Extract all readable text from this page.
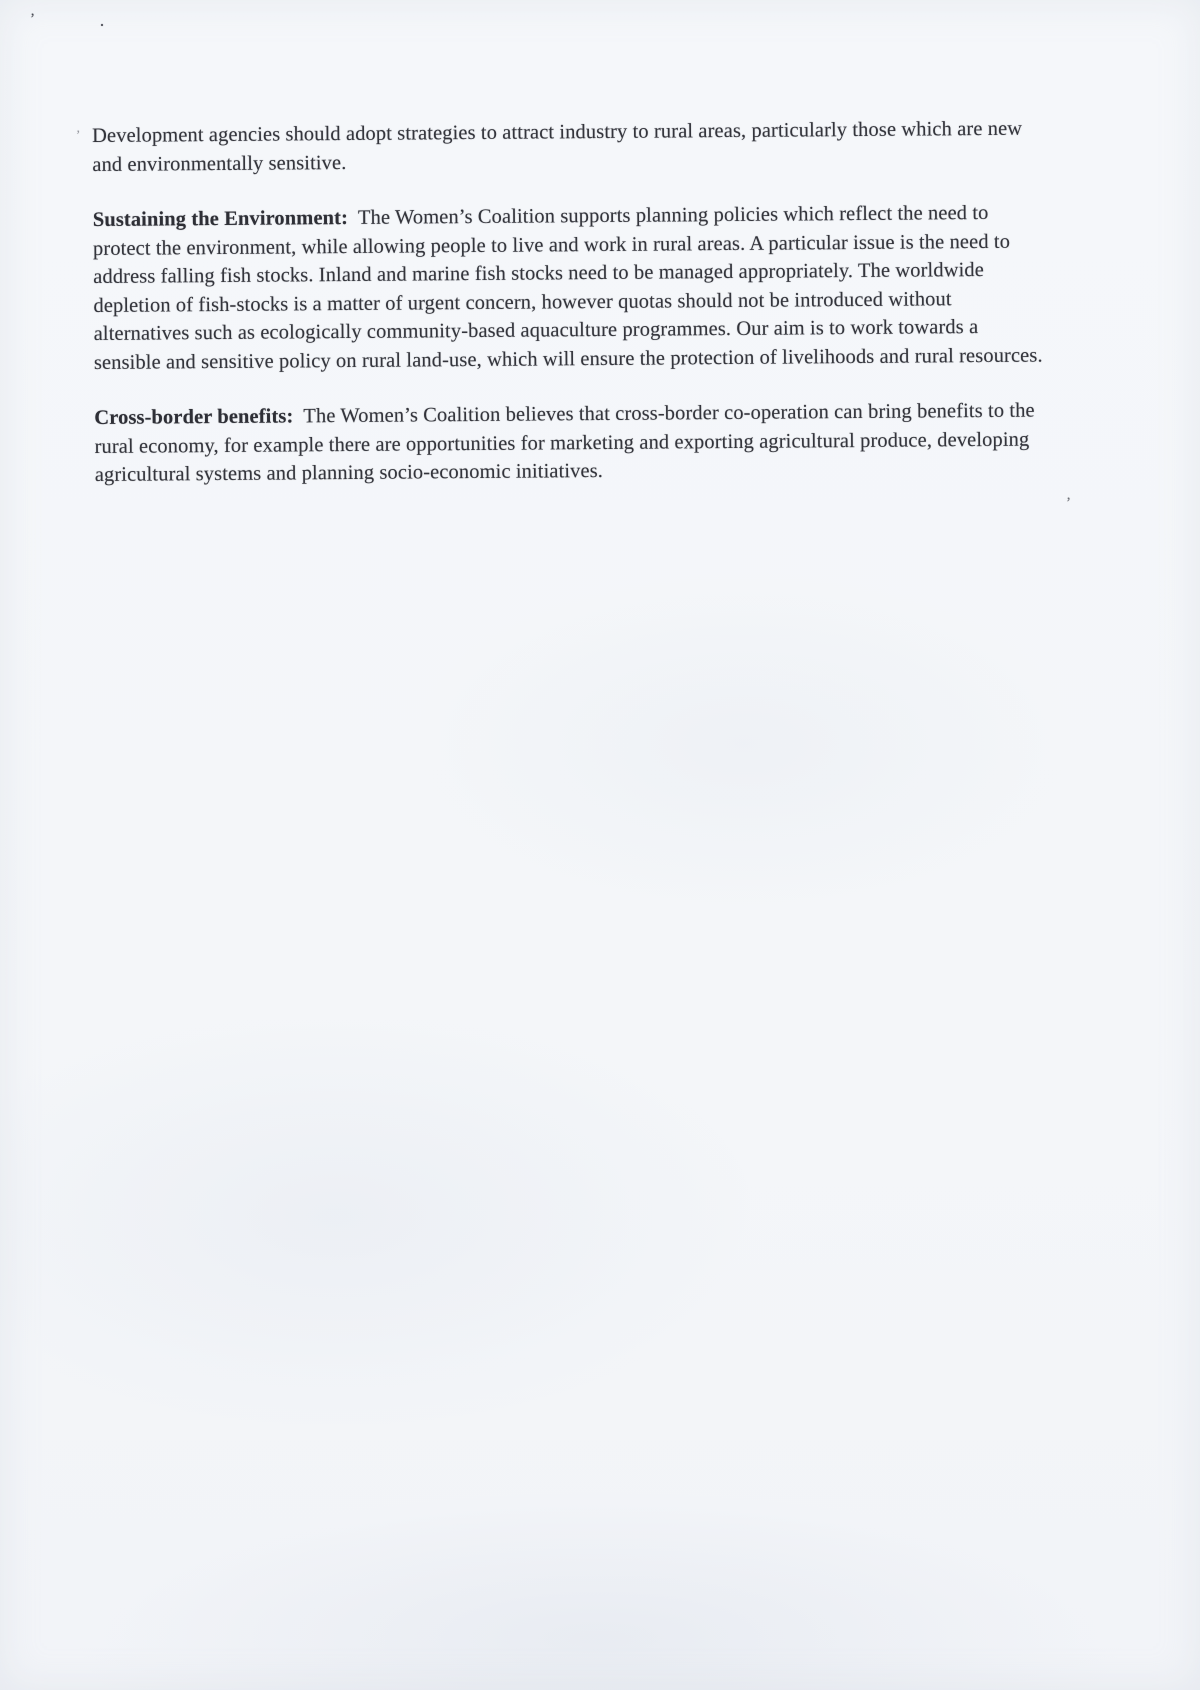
’	·
’
’

Development agencies should adopt strategies to attract industry to rural areas, particularly those which are new and environmentally sensitive.

Sustaining the Environment: The Women’s Coalition supports planning policies which reflect the need to protect the environment, while allowing people to live and work in rural areas. A particular issue is the need to address falling fish stocks. Inland and marine fish stocks need to be managed appropriately. The worldwide depletion of fish-stocks is a matter of urgent concern, however quotas should not be introduced without alternatives such as ecologically community-based aquaculture programmes. Our aim is to work towards a sensible and sensitive policy on rural land-use, which will ensure the protection of livelihoods and rural resources.

Cross-border benefits: The Women’s Coalition believes that cross-border co-operation can bring benefits to the rural economy, for example there are opportunities for marketing and exporting agricultural produce, developing agricultural systems and planning socio-economic initiatives.
